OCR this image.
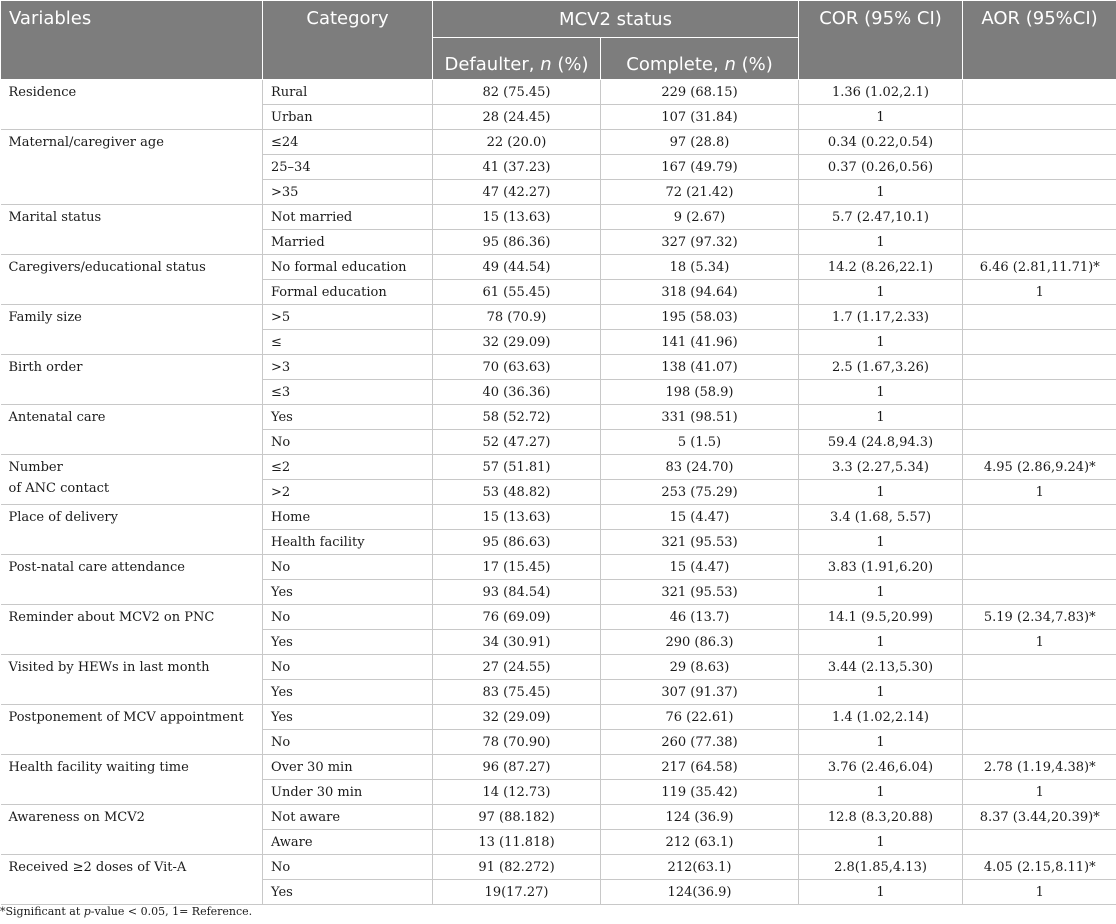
Variables	Category	MCV2 status		COR (95% CI)	AOR (95%CI)
		Defaulter, n (%)	Complete, n (%)		

Residence	Rural	82 (75.45)	229 (68.15)	1.36 (1.02,2.1)	
	Urban	28 (24.45)	107 (31.84)	1	

Maternal/caregiver age	≤24	22 (20.0)	97 (28.8)	0.34 (0.22,0.54)	
	25–34	41 (37.23)	167 (49.79)	0.37 (0.26,0.56)	
	>35	47 (42.27)	72 (21.42)	1	

Marital status	Not married	15 (13.63)	9 (2.67)	5.7 (2.47,10.1)	
	Married	95 (86.36)	327 (97.32)	1	

Caregivers/educational status	No formal education	49 (44.54)	18 (5.34)	14.2 (8.26,22.1)	6.46 (2.81,11.71)*
	Formal education	61 (55.45)	318 (94.64)	1	1

Family size	>5	78 (70.9)	195 (58.03)	1.7 (1.17,2.33)	
	≤	32 (29.09)	141 (41.96)	1	

Birth order	>3	70 (63.63)	138 (41.07)	2.5 (1.67,3.26)	
	≤3	40 (36.36)	198 (58.9)	1	

Antenatal care	Yes	58 (52.72)	331 (98.51)	1	
	No	52 (47.27)	5 (1.5)	59.4 (24.8,94.3)	

Number
of ANC contact	≤2	57 (51.81)	83 (24.70)	3.3 (2.27,5.34)	4.95 (2.86,9.24)*
	>2	53 (48.82)	253 (75.29)	1	1

Place of delivery	Home	15 (13.63)	15 (4.47)	3.4 (1.68, 5.57)	
	Health facility	95 (86.63)	321 (95.53)	1	

Post-natal care attendance	No	17 (15.45)	15 (4.47)	3.83 (1.91,6.20)	
	Yes	93 (84.54)	321 (95.53)	1	

Reminder about MCV2 on PNC	No	76 (69.09)	46 (13.7)	14.1 (9.5,20.99)	5.19 (2.34,7.83)*
	Yes	34 (30.91)	290 (86.3)	1	1

Visited by HEWs in last month	No	27 (24.55)	29 (8.63)	3.44 (2.13,5.30)	
	Yes	83 (75.45)	307 (91.37)	1	

Postponement of MCV appointment	Yes	32 (29.09)	76 (22.61)	1.4 (1.02,2.14)	
	No	78 (70.90)	260 (77.38)	1	

Health facility waiting time	Over 30 min	96 (87.27)	217 (64.58)	3.76 (2.46,6.04)	2.78 (1.19,4.38)*
	Under 30 min	14 (12.73)	119 (35.42)	1	1

Awareness on MCV2	Not aware	97 (88.182)	124 (36.9)	12.8 (8.3,20.88)	8.37 (3.44,20.39)*
	Aware	13 (11.818)	212 (63.1)	1	

Received ≥2 doses of Vit-A	No	91 (82.272)	212(63.1)	2.8(1.85,4.13)	4.05 (2.15,8.11)*
	Yes	19(17.27)	124(36.9)	1	1
*Significant at p-value < 0.05, 1= Reference.
